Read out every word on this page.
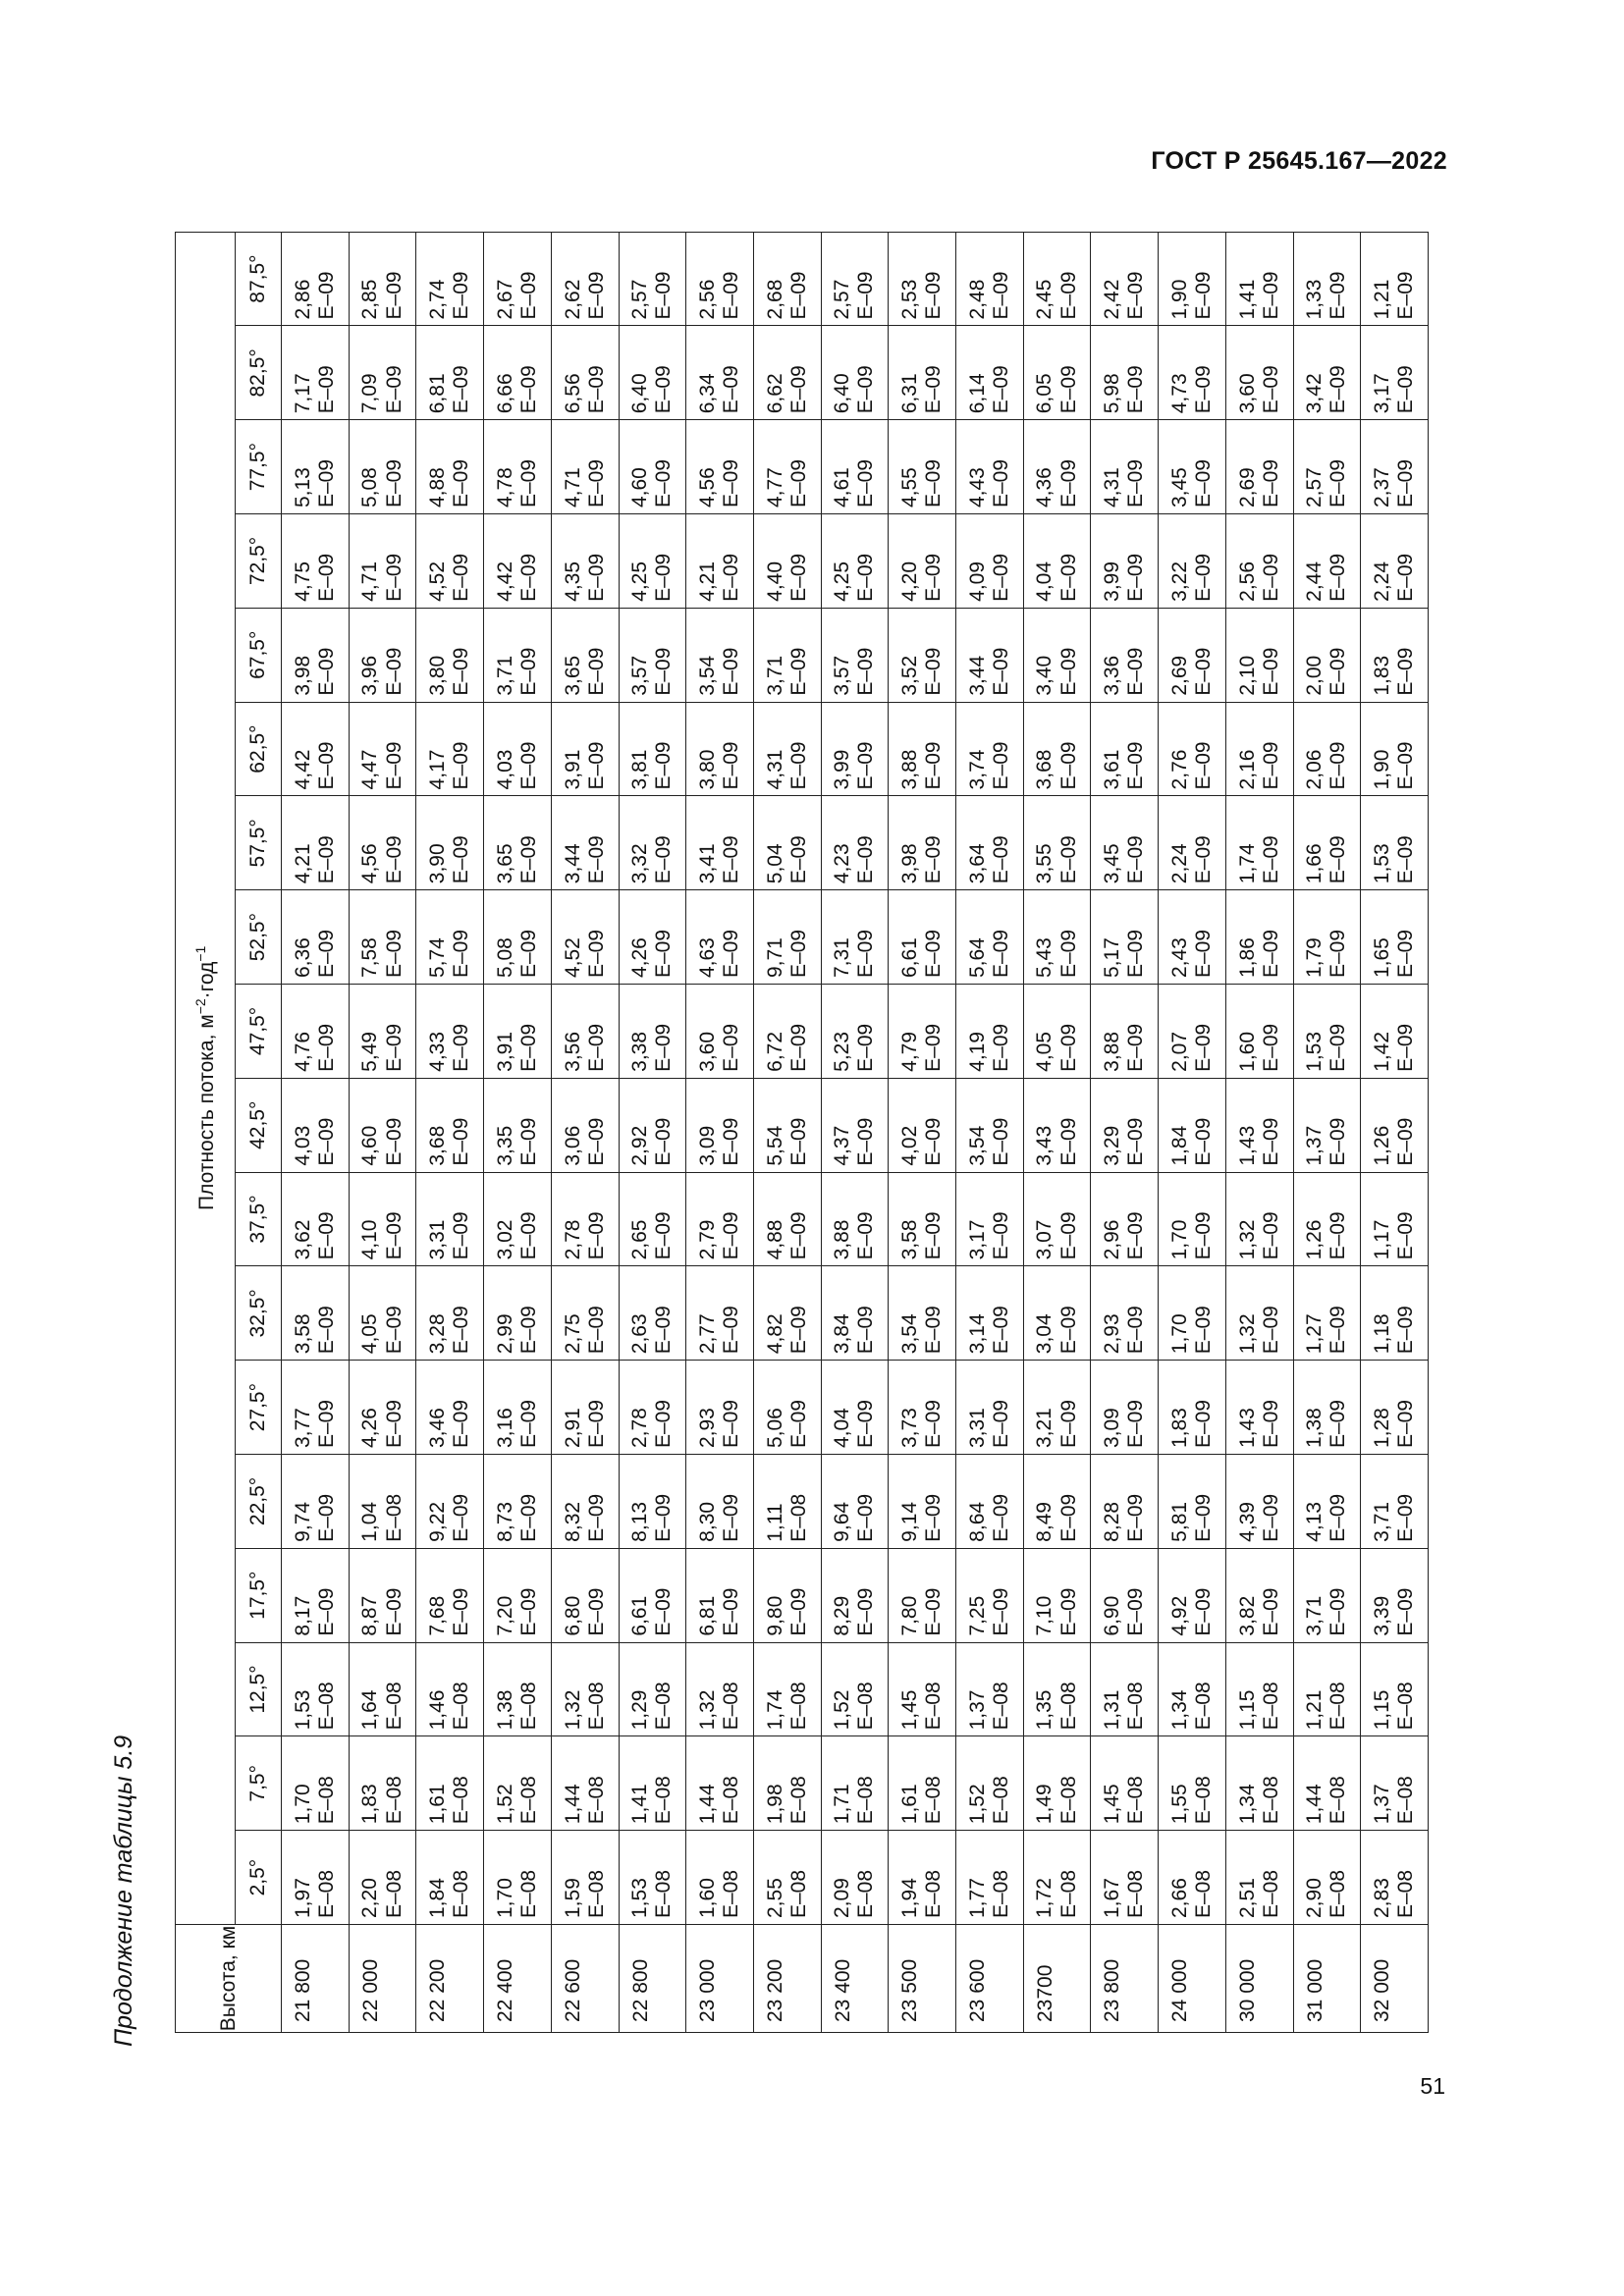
ГОСТ Р 25645.167—2022
Продолжение таблицы 5.9	Высота, км	Плотность потока, $м^{-2}\cdot год^{-1}$
	2,5°	7,5°	12,5°	17,5°	22,5°	27,5°	32,5°	37,5°	42,5°	47,5°	52,5°	57,5°	62,5°	67,5°	72,5°	77,5°	82,5°	87,5°
21 800	1,97 E–08	1,70 E–08	1,53 E–08	8,17 E–09	9,74 E–09	3,77 E–09	3,58 E–09	3,62 E–09	4,03 E–09	4,76 E–09	6,36 E–09	4,21 E–09	4,42 E–09	3,98 E–09	4,75 E–09	5,13 E–09	7,17 E–09	2,86 E–09

22 000	2,20 E–08	1,83 E–08	1,64 E–08	8,87 E–09	1,04 E–08	4,26 E–09	4,05 E–09	4,10 E–09	4,60 E–09	5,49 E–09	7,58 E–09	4,56 E–09	4,47 E–09	3,96 E–09	4,71 E–09	5,08 E–09	7,09 E–09	2,85 E–09

22 200	1,84 E–08	1,61 E–08	1,46 E–08	7,68 E–09	9,22 E–09	3,46 E–09	3,28 E–09	3,31 E–09	3,68 E–09	4,33 E–09	5,74 E–09	3,90 E–09	4,17 E–09	3,80 E–09	4,52 E–09	4,88 E–09	6,81 E–09	2,74 E–09

22 400	1,70 E–08	1,52 E–08	1,38 E–08	7,20 E–09	8,73 E–09	3,16 E–09	2,99 E–09	3,02 E–09	3,35 E–09	3,91 E–09	5,08 E–09	3,65 E–09	4,03 E–09	3,71 E–09	4,42 E–09	4,78 E–09	6,66 E–09	2,67 E–09

22 600	1,59 E–08	1,44 E–08	1,32 E–08	6,80 E–09	8,32 E–09	2,91 E–09	2,75 E–09	2,78 E–09	3,06 E–09	3,56 E–09	4,52 E–09	3,44 E–09	3,91 E–09	3,65 E–09	4,35 E–09	4,71 E–09	6,56 E–09	2,62 E–09

22 800	1,53 E–08	1,41 E–08	1,29 E–08	6,61 E–09	8,13 E–09	2,78 E–09	2,63 E–09	2,65 E–09	2,92 E–09	3,38 E–09	4,26 E–09	3,32 E–09	3,81 E–09	3,57 E–09	4,25 E–09	4,60 E–09	6,40 E–09	2,57 E–09

23 000	1,60 E–08	1,44 E–08	1,32 E–08	6,81 E–09	8,30 E–09	2,93 E–09	2,77 E–09	2,79 E–09	3,09 E–09	3,60 E–09	4,63 E–09	3,41 E–09	3,80 E–09	3,54 E–09	4,21 E–09	4,56 E–09	6,34 E–09	2,56 E–09

23 200	2,55 E–08	1,98 E–08	1,74 E–08	9,80 E–09	1,11 E–08	5,06 E–09	4,82 E–09	4,88 E–09	5,54 E–09	6,72 E–09	9,71 E–09	5,04 E–09	4,31 E–09	3,71 E–09	4,40 E–09	4,77 E–09	6,62 E–09	2,68 E–09

23 400	2,09 E–08	1,71 E–08	1,52 E–08	8,29 E–09	9,64 E–09	4,04 E–09	3,84 E–09	3,88 E–09	4,37 E–09	5,23 E–09	7,31 E–09	4,23 E–09	3,99 E–09	3,57 E–09	4,25 E–09	4,61 E–09	6,40 E–09	2,57 E–09

23 500	1,94 E–08	1,61 E–08	1,45 E–08	7,80 E–09	9,14 E–09	3,73 E–09	3,54 E–09	3,58 E–09	4,02 E–09	4,79 E–09	6,61 E–09	3,98 E–09	3,88 E–09	3,52 E–09	4,20 E–09	4,55 E–09	6,31 E–09	2,53 E–09

23 600	1,77 E–08	1,52 E–08	1,37 E–08	7,25 E–09	8,64 E–09	3,31 E–09	3,14 E–09	3,17 E–09	3,54 E–09	4,19 E–09	5,64 E–09	3,64 E–09	3,74 E–09	3,44 E–09	4,09 E–09	4,43 E–09	6,14 E–09	2,48 E–09

23700	1,72 E–08	1,49 E–08	1,35 E–08	7,10 E–09	8,49 E–09	3,21 E–09	3,04 E–09	3,07 E–09	3,43 E–09	4,05 E–09	5,43 E–09	3,55 E–09	3,68 E–09	3,40 E–09	4,04 E–09	4,36 E–09	6,05 E–09	2,45 E–09

23 800	1,67 E–08	1,45 E–08	1,31 E–08	6,90 E–09	8,28 E–09	3,09 E–09	2,93 E–09	2,96 E–09	3,29 E–09	3,88 E–09	5,17 E–09	3,45 E–09	3,61 E–09	3,36 E–09	3,99 E–09	4,31 E–09	5,98 E–09	2,42 E–09

24 000	2,66 E–08	1,55 E–08	1,34 E–08	4,92 E–09	5,81 E–09	1,83 E–09	1,70 E–09	1,70 E–09	1,84 E–09	2,07 E–09	2,43 E–09	2,24 E–09	2,76 E–09	2,69 E–09	3,22 E–09	3,45 E–09	4,73 E–09	1,90 E–09

30 000	2,51 E–08	1,34 E–08	1,15 E–08	3,82 E–09	4,39 E–09	1,43 E–09	1,32 E–09	1,32 E–09	1,43 E–09	1,60 E–09	1,86 E–09	1,74 E–09	2,16 E–09	2,10 E–09	2,56 E–09	2,69 E–09	3,60 E–09	1,41 E–09

31 000	2,90 E–08	1,44 E–08	1,21 E–08	3,71 E–09	4,13 E–09	1,38 E–09	1,27 E–09	1,26 E–09	1,37 E–09	1,53 E–09	1,79 E–09	1,66 E–09	2,06 E–09	2,00 E–09	2,44 E–09	2,57 E–09	3,42 E–09	1,33 E–09

32 000	2,83 E–08	1,37 E–08	1,15 E–08	3,39 E–09	3,71 E–09	1,28 E–09	1,18 E–09	1,17 E–09	1,26 E–09	1,42 E–09	1,65 E–09	1,53 E–09	1,90 E–09	1,83 E–09	2,24 E–09	2,37 E–09	3,17 E–09	1,21 E–09
51
